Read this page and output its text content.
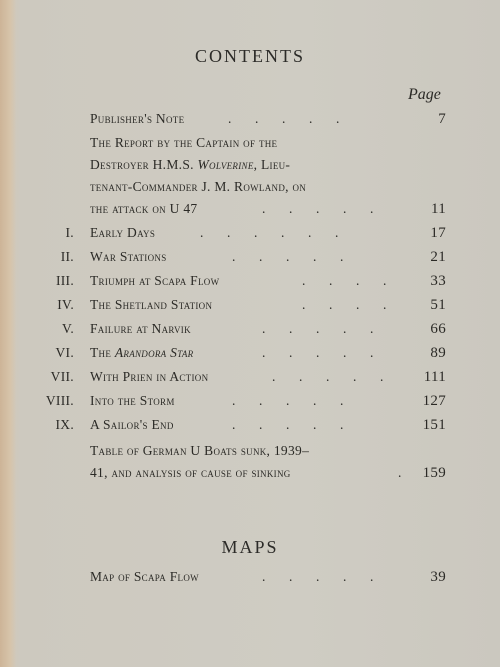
CONTENTS
Page
Publisher's Note	.       .       .       .       .	7
The Report by the Captain of the
Destroyer H.M.S. Wolverine, Lieu-
tenant-Commander J. M. Rowland, on
the attack on U 47	.       .       .       .       .	11
I. Early Days	.       .       .       .       .       .	17
II. War Stations	.       .       .       .       .	21
III. Triumph at Scapa Flow	.       .       .       .	33
IV. The Shetland Station	.       .       .       .	51
V. Failure at Narvik	.       .       .       .       .	66
VI. The Arandora Star	.       .       .       .       .	89
VII. With Prien in Action	.       .       .       .       .	111
VIII. Into the Storm	.       .       .       .       .	127
IX. A Sailor's End	.       .       .       .       .	151
Table of German U Boats sunk, 1939–
41, and analysis of cause of sinking	. 159
MAPS
Map of Scapa Flow	.       .       .       .       .	39
